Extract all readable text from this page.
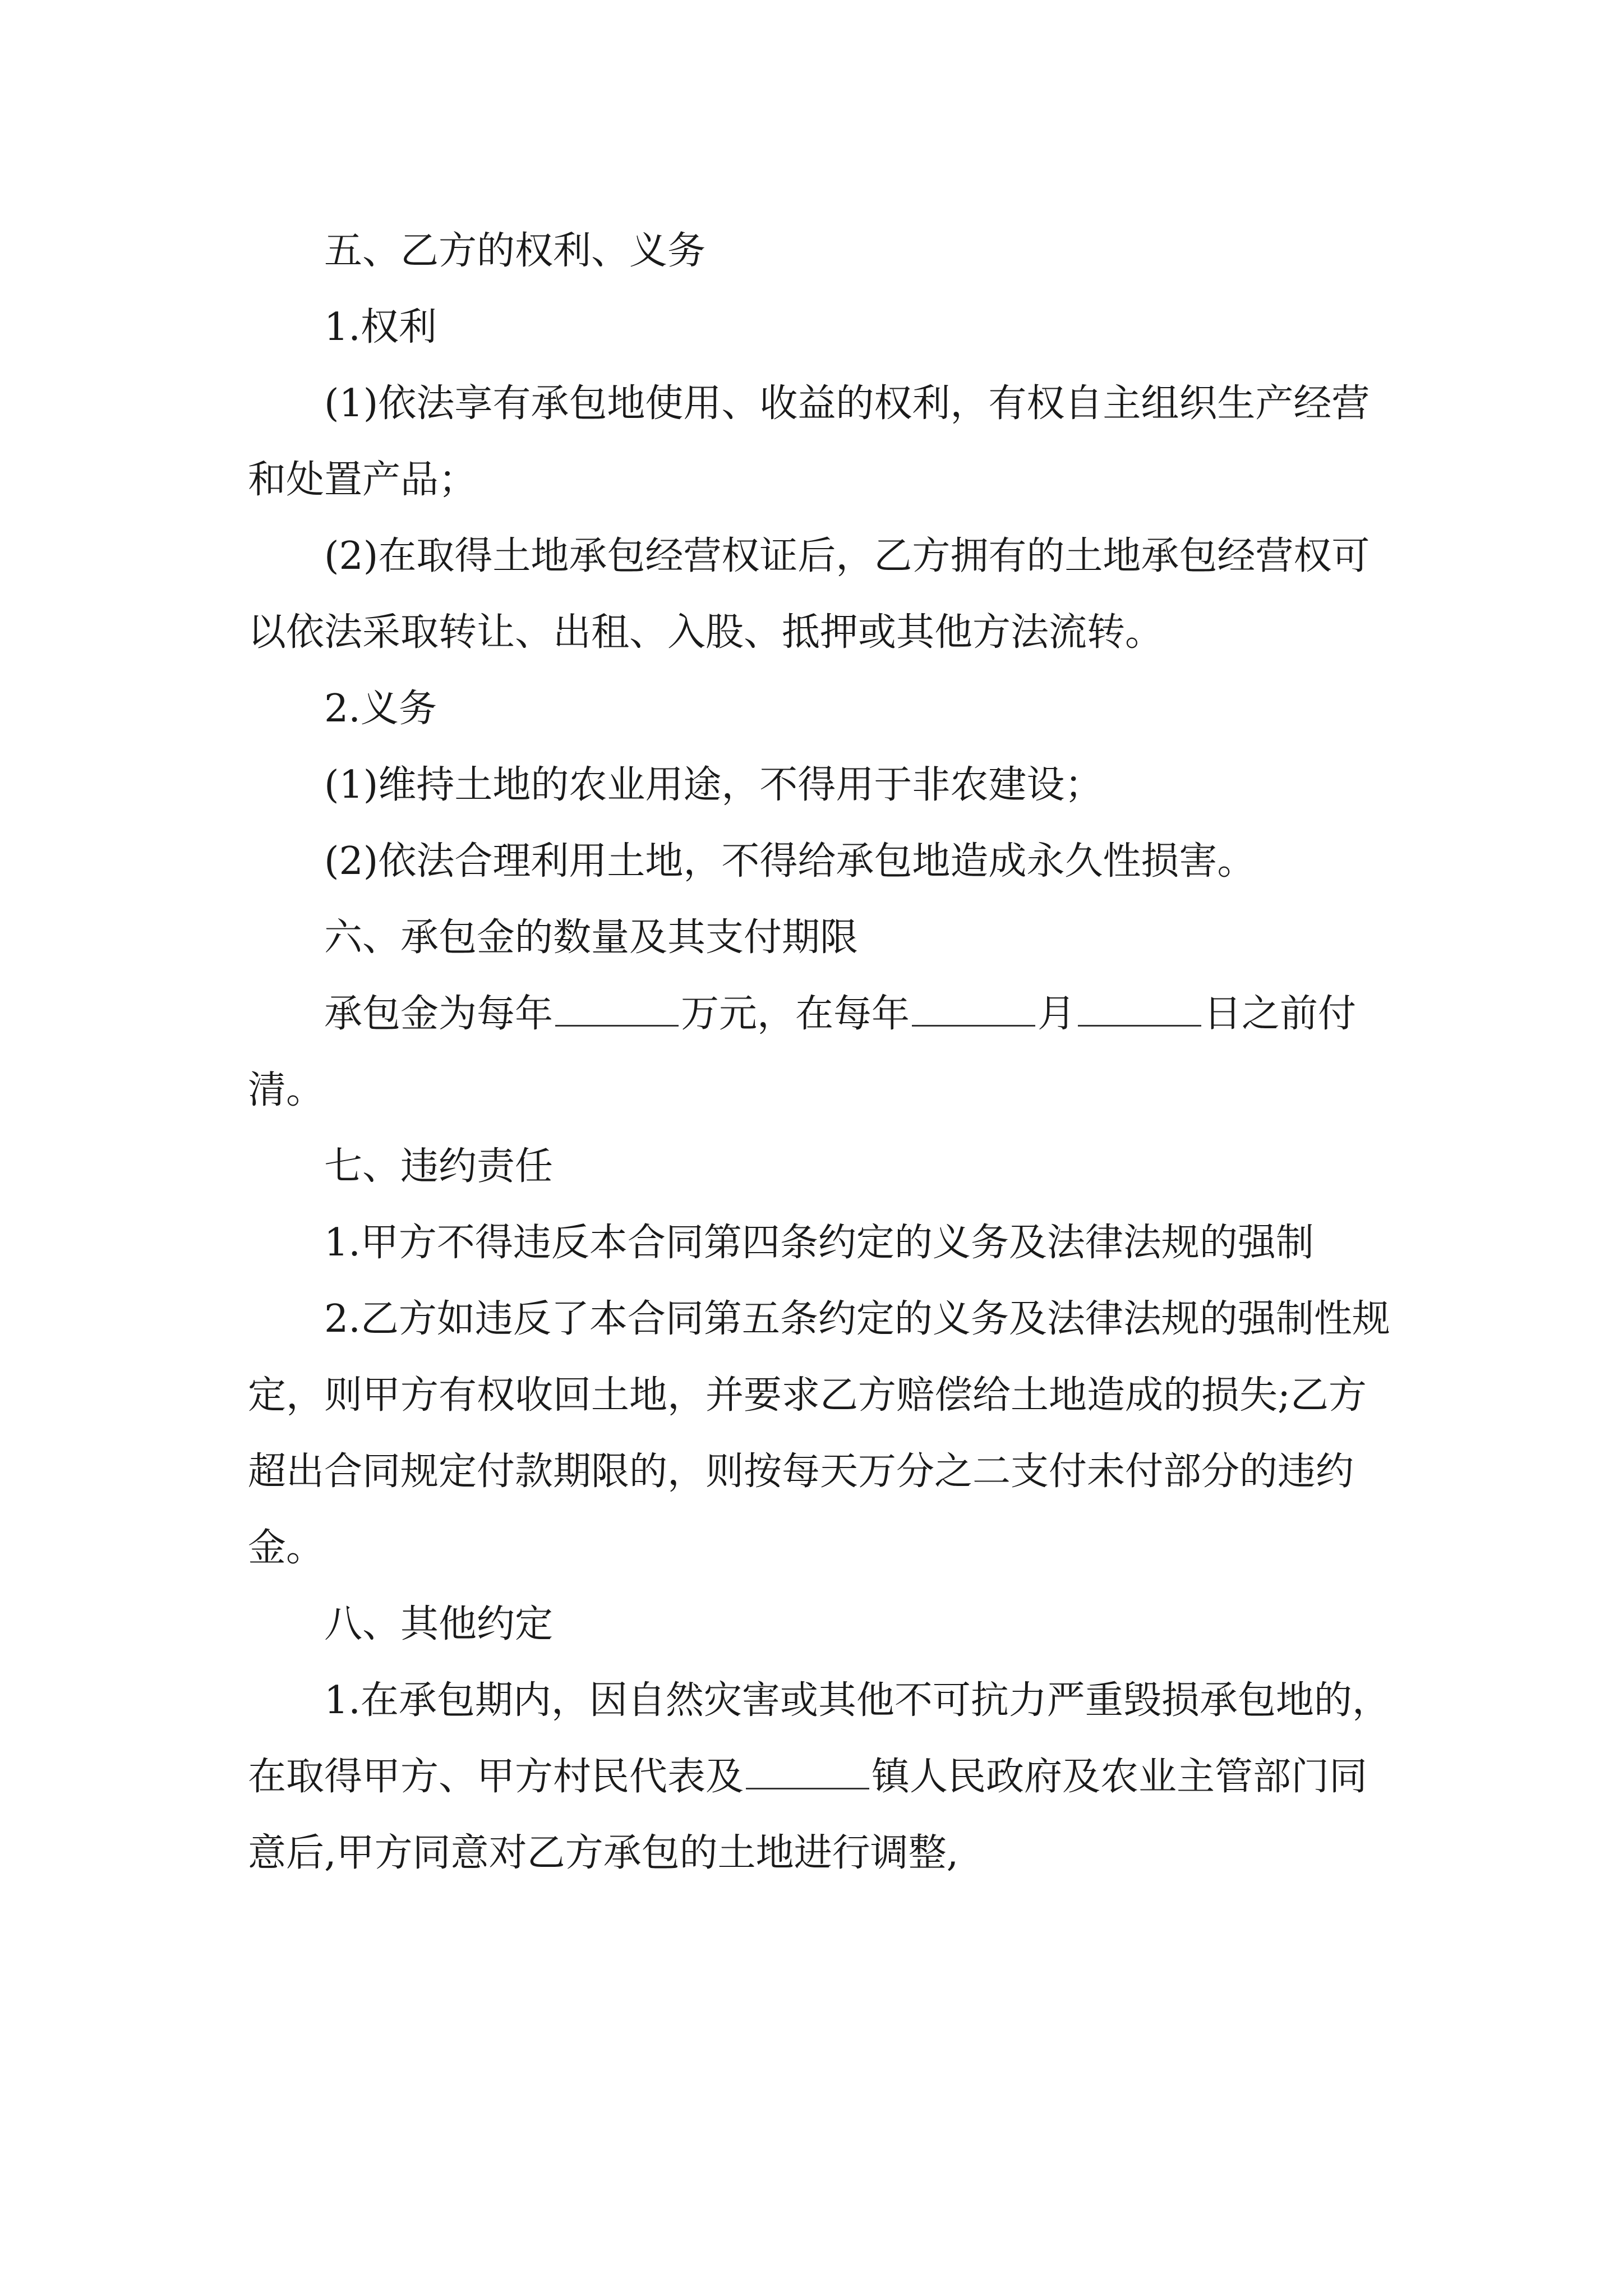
五、乙方的权利、义务

1.权利

(1)依法享有承包地使用、收益的权利，有权自主组织生产经营和处置产品；

(2)在取得土地承包经营权证后，乙方拥有的土地承包经营权可以依法采取转让、出租、入股、抵押或其他方法流转。

2.义务

(1)维持土地的农业用途，不得用于非农建设；

(2)依法合理利用土地，不得给承包地造成永久性损害。

六、承包金的数量及其支付期限

承包金为每年	万元，在每年	月	日之前付清。

七、违约责任

1.甲方不得违反本合同第四条约定的义务及法律法规的强制

2.乙方如违反了本合同第五条约定的义务及法律法规的强制性规定，则甲方有权收回土地，并要求乙方赔偿给土地造成的损失;乙方超出合同规定付款期限的，则按每天万分之二支付未付部分的违约金。

八、其他约定

1.在承包期内，因自然灾害或其他不可抗力严重毁损承包地的，在取得甲方、甲方村民代表及	镇人民政府及农业主管部门同意后,甲方同意对乙方承包的土地进行调整,
